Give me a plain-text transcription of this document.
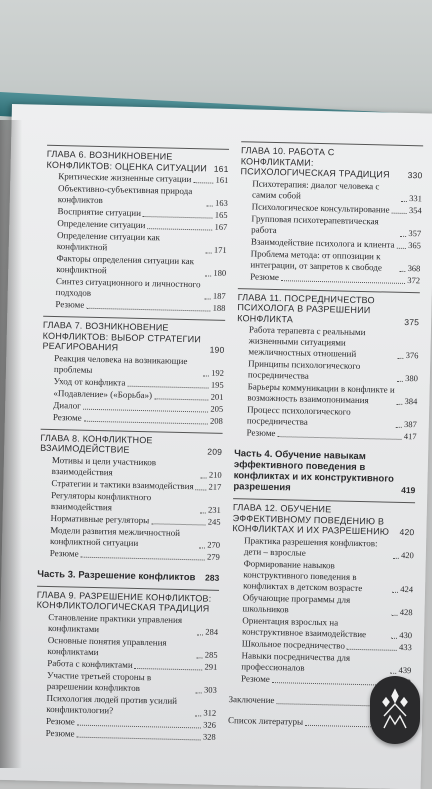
ГЛАВА 6. ВОЗНИКНОВЕНИЕ КОНФЛИКТОВ: ОЦЕНКА СИТУАЦИИ 161
Критические жизненные ситуации	161
Объективно-субъективная природа конфликтов	163
Восприятие ситуации	165
Определение ситуации	167
Определение ситуации как конфликтной	171
Факторы определения ситуации как конфликтной	180
Синтез ситуационного и личностного подходов	187
Резюме	188
ГЛАВА 7. ВОЗНИКНОВЕНИЕ КОНФЛИКТОВ: ВЫБОР СТРАТЕГИИ РЕАГИРОВАНИЯ	190
Реакция человека на возникающие проблемы	192
Уход от конфликта	195
«Подавление» («Борьба»)	201
Диалог	205
Резюме	208
ГЛАВА 8. КОНФЛИКТНОЕ ВЗАИМОДЕЙСТВИЕ	209
Мотивы и цели участников взаимодействия	210
Стратегии и тактики взаимодействия 217
Регуляторы конфликтного взаимодействия	231
Нормативные регуляторы	245
Модели развития межличностной конфликтной ситуации	270
Резюме	279
Часть 3. Разрешение конфликтов	283
ГЛАВА 9. РАЗРЕШЕНИЕ КОНФЛИКТОВ: КОНФЛИКТОЛОГИЧЕСКАЯ ТРАДИЦИЯ
Становление практики управления конфликтами	284
Основные понятия управления конфликтами	285
Работа с конфликтами	291
Участие третьей стороны в разрешении конфликтов	303
Психология людей против усилий конфликтологии?	312
Резюме	326
Резюме	328
ГЛАВА 10. РАБОТА С КОНФЛИКТАМИ: ПСИХОЛОГИЧЕСКАЯ ТРАДИЦИЯ	330
Психотерапия: диалог человека с самим собой	331
Психологическое консультирование 354
Групповая психотерапевтическая работа	357
Взаимодействие психолога и клиента 365
Проблема метода: от оппозиции к интеграции, от запретов к свободе	368
Резюме	372
ГЛАВА 11. ПОСРЕДНИЧЕСТВО ПСИХОЛОГА В РАЗРЕШЕНИИ КОНФЛИКТА	375
Работа терапевта с реальными жизненными ситуациями межличностных отношений	376
Принципы психологического посредничества	380
Барьеры коммуникации в конфликте и возможность взаимопонимания	384
Процесс психологического посредничества	387
Резюме	417
Часть 4. Обучение навыкам эффективного поведения в конфликтах и их конструктивного разрешения	419
ГЛАВА 12. ОБУЧЕНИЕ ЭФФЕКТИВНОМУ ПОВЕДЕНИЮ В КОНФЛИКТАХ И ИХ РАЗРЕШЕНИЮ	420
Практика разрешения конфликтов: дети – взрослые	420
Формирование навыков конструктивного поведения в конфликтах в детском возрасте	424
Обучающие программы для школьников	428
Ориентация взрослых на конструктивное взаимодействие	430
Школьное посредничество	433
Навыки посредничества для профессионалов	439
Резюме
Заключение
Список литературы
